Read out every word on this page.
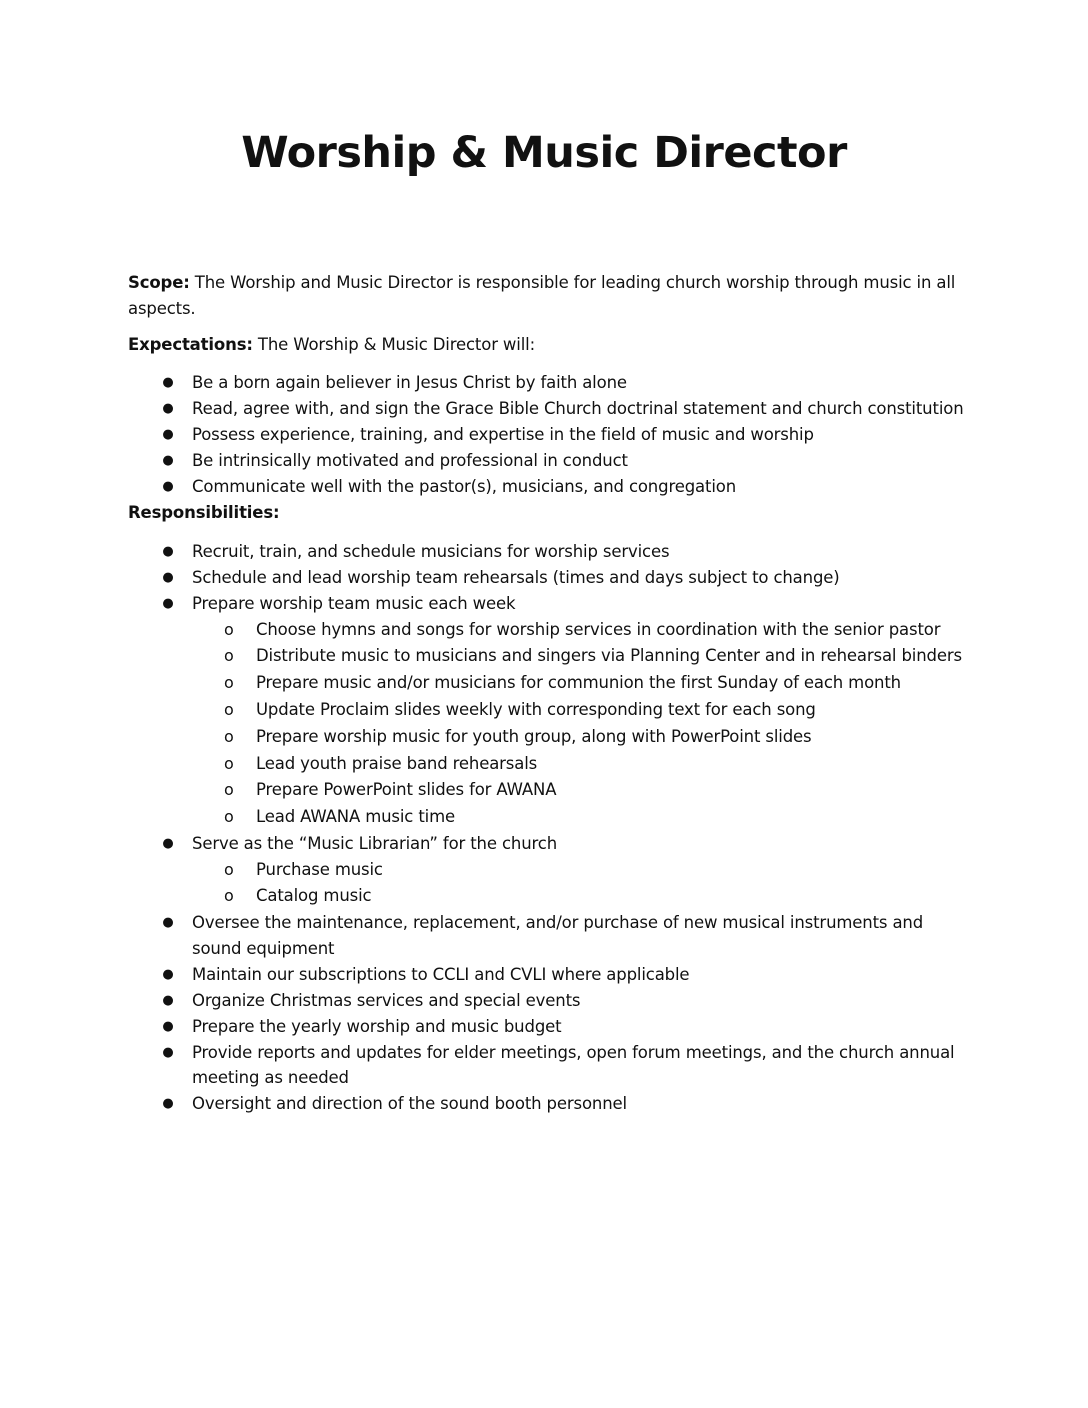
Worship & Music Director

Scope: The Worship and Music Director is responsible for leading church worship through music in all aspects.

Expectations: The Worship & Music Director will:

● Be a born again believer in Jesus Christ by faith alone
● Read, agree with, and sign the Grace Bible Church doctrinal statement and church constitution
● Possess experience, training, and expertise in the field of music and worship
● Be intrinsically motivated and professional in conduct
● Communicate well with the pastor(s), musicians, and congregation

Responsibilities:

● Recruit, train, and schedule musicians for worship services
● Schedule and lead worship team rehearsals (times and days subject to change)
● Prepare worship team music each week
o Choose hymns and songs for worship services in coordination with the senior pastor
o Distribute music to musicians and singers via Planning Center and in rehearsal binders
o Prepare music and/or musicians for communion the first Sunday of each month
o Update Proclaim slides weekly with corresponding text for each song
o Prepare worship music for youth group, along with PowerPoint slides
o Lead youth praise band rehearsals
o Prepare PowerPoint slides for AWANA
o Lead AWANA music time
● Serve as the “Music Librarian” for the church
o Purchase music
o Catalog music
● Oversee the maintenance, replacement, and/or purchase of new musical instruments and sound equipment
● Maintain our subscriptions to CCLI and CVLI where applicable
● Organize Christmas services and special events
● Prepare the yearly worship and music budget
● Provide reports and updates for elder meetings, open forum meetings, and the church annual meeting as needed
● Oversight and direction of the sound booth personnel
